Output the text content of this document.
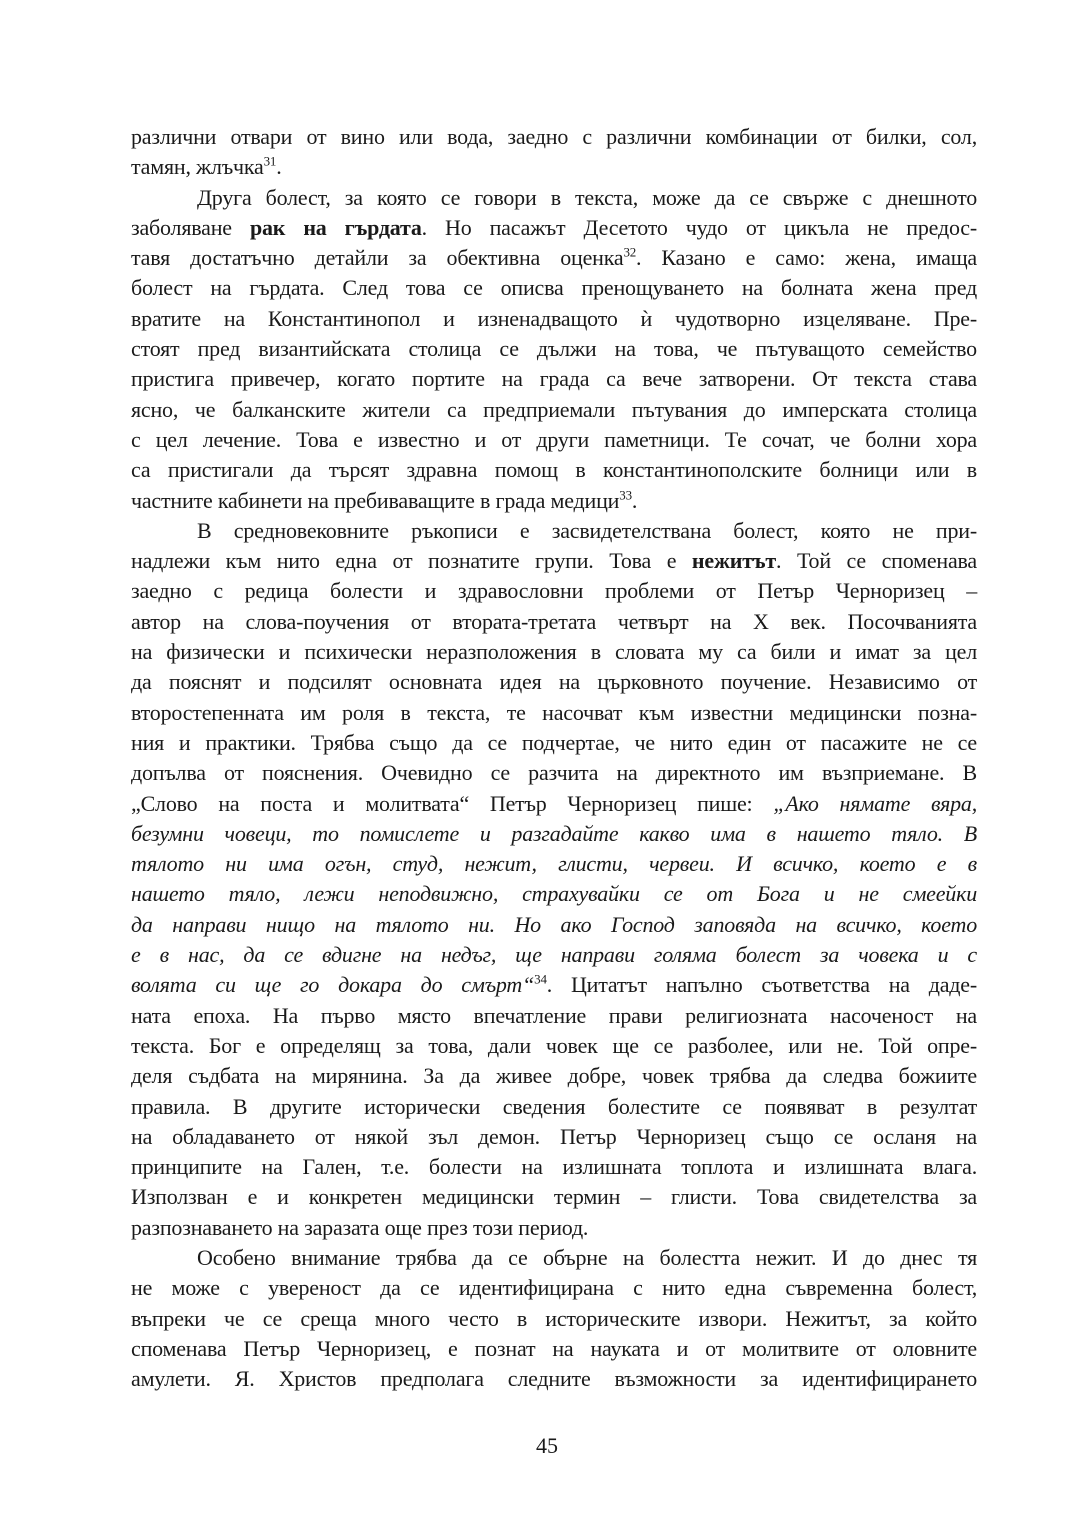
различни отвари от вино или вода, заедно с различни комбинации от билки, сол,
тамян, жлъчка$^{31}$.
Друга болест, за която се говори в текста, може да се свърже с днешното
заболяване рак на гърдата. Но пасажът Десетото чудо от цикъла не предос-
тавя достатъчно детайли за обективна оценка$^{32}$. Казано е само: жена, имаща
болест на гърдата. След това се описва пренощуването на болната жена пред
вратите на Константинопол и изненадващото ѝ чудотворно изцеляване. Пре-
стоят пред византийската столица се дължи на това, че пътуващото семейство
пристига привечер, когато портите на града са вече затворени. От текста става
ясно, че балканските жители са предприемали пътувания до имперската столица
с цел лечение. Това е известно и от други паметници. Те сочат, че болни хора
са пристигали да търсят здравна помощ в константинополските болници или в
частните кабинети на пребиваващите в града медици$^{33}$.
В средновековните ръкописи е засвидетелствана болест, която не при-
надлежи към нито една от познатите групи. Това е нежитът. Той се споменава
заедно с редица болести и здравословни проблеми от Петър Черноризец –
автор на слова-поучения от втората-третата четвърт на X век. Посочванията
на физически и психически неразположения в словата му са били и имат за цел
да пояснят и подсилят основната идея на църковното поучение. Независимо от
второстепенната им роля в текста, те насочват към известни медицински позна-
ния и практики. Трябва също да се подчертае, че нито един от пасажите не се
допълва от пояснения. Очевидно се разчита на директното им възприемане. В
„Слово на поста и молитвата“ Петър Черноризец пише: „Ако нямате вяра,
безумни човеци, то помислете и разгадайте какво има в нашето тяло. В
тялото ни има огън, студ, нежит, глисти, червеи. И всичко, което е в
нашето тяло, лежи неподвижно, страхувайки се от Бога и не смеейки
да направи нищо на тялото ни. Но ако Господ заповяда на всичко, което
е в нас, да се вдигне на недъг, ще направи голяма болест за човека и с
волята си ще го докара до смърт“$^{34}$. Цитатът напълно съответства на даде-
ната епоха. На първо място впечатление прави религиозната насоченост на
текста. Бог е определящ за това, дали човек ще се разболее, или не. Той опре-
деля съдбата на мирянина. За да живее добре, човек трябва да следва божиите
правила. В другите исторически сведения болестите се появяват в резултат
на обладаването от някой зъл демон. Петър Черноризец също се осланя на
принципите на Гален, т.е. болести на излишната топлота и излишната влага.
Използван е и конкретен медицински термин – глисти. Това свидетелства за
разпознаването на заразата още през този период.
Особено внимание трябва да се обърне на болестта нежит. И до днес тя
не може с увереност да се идентифицирана с нито една съвременна болест,
въпреки че се среща много често в историческите извори. Нежитът, за който
споменава Петър Черноризец, е познат на науката и от молитвите от оловните
амулети. Я. Христов предполага следните възможности за идентифицирането
45
